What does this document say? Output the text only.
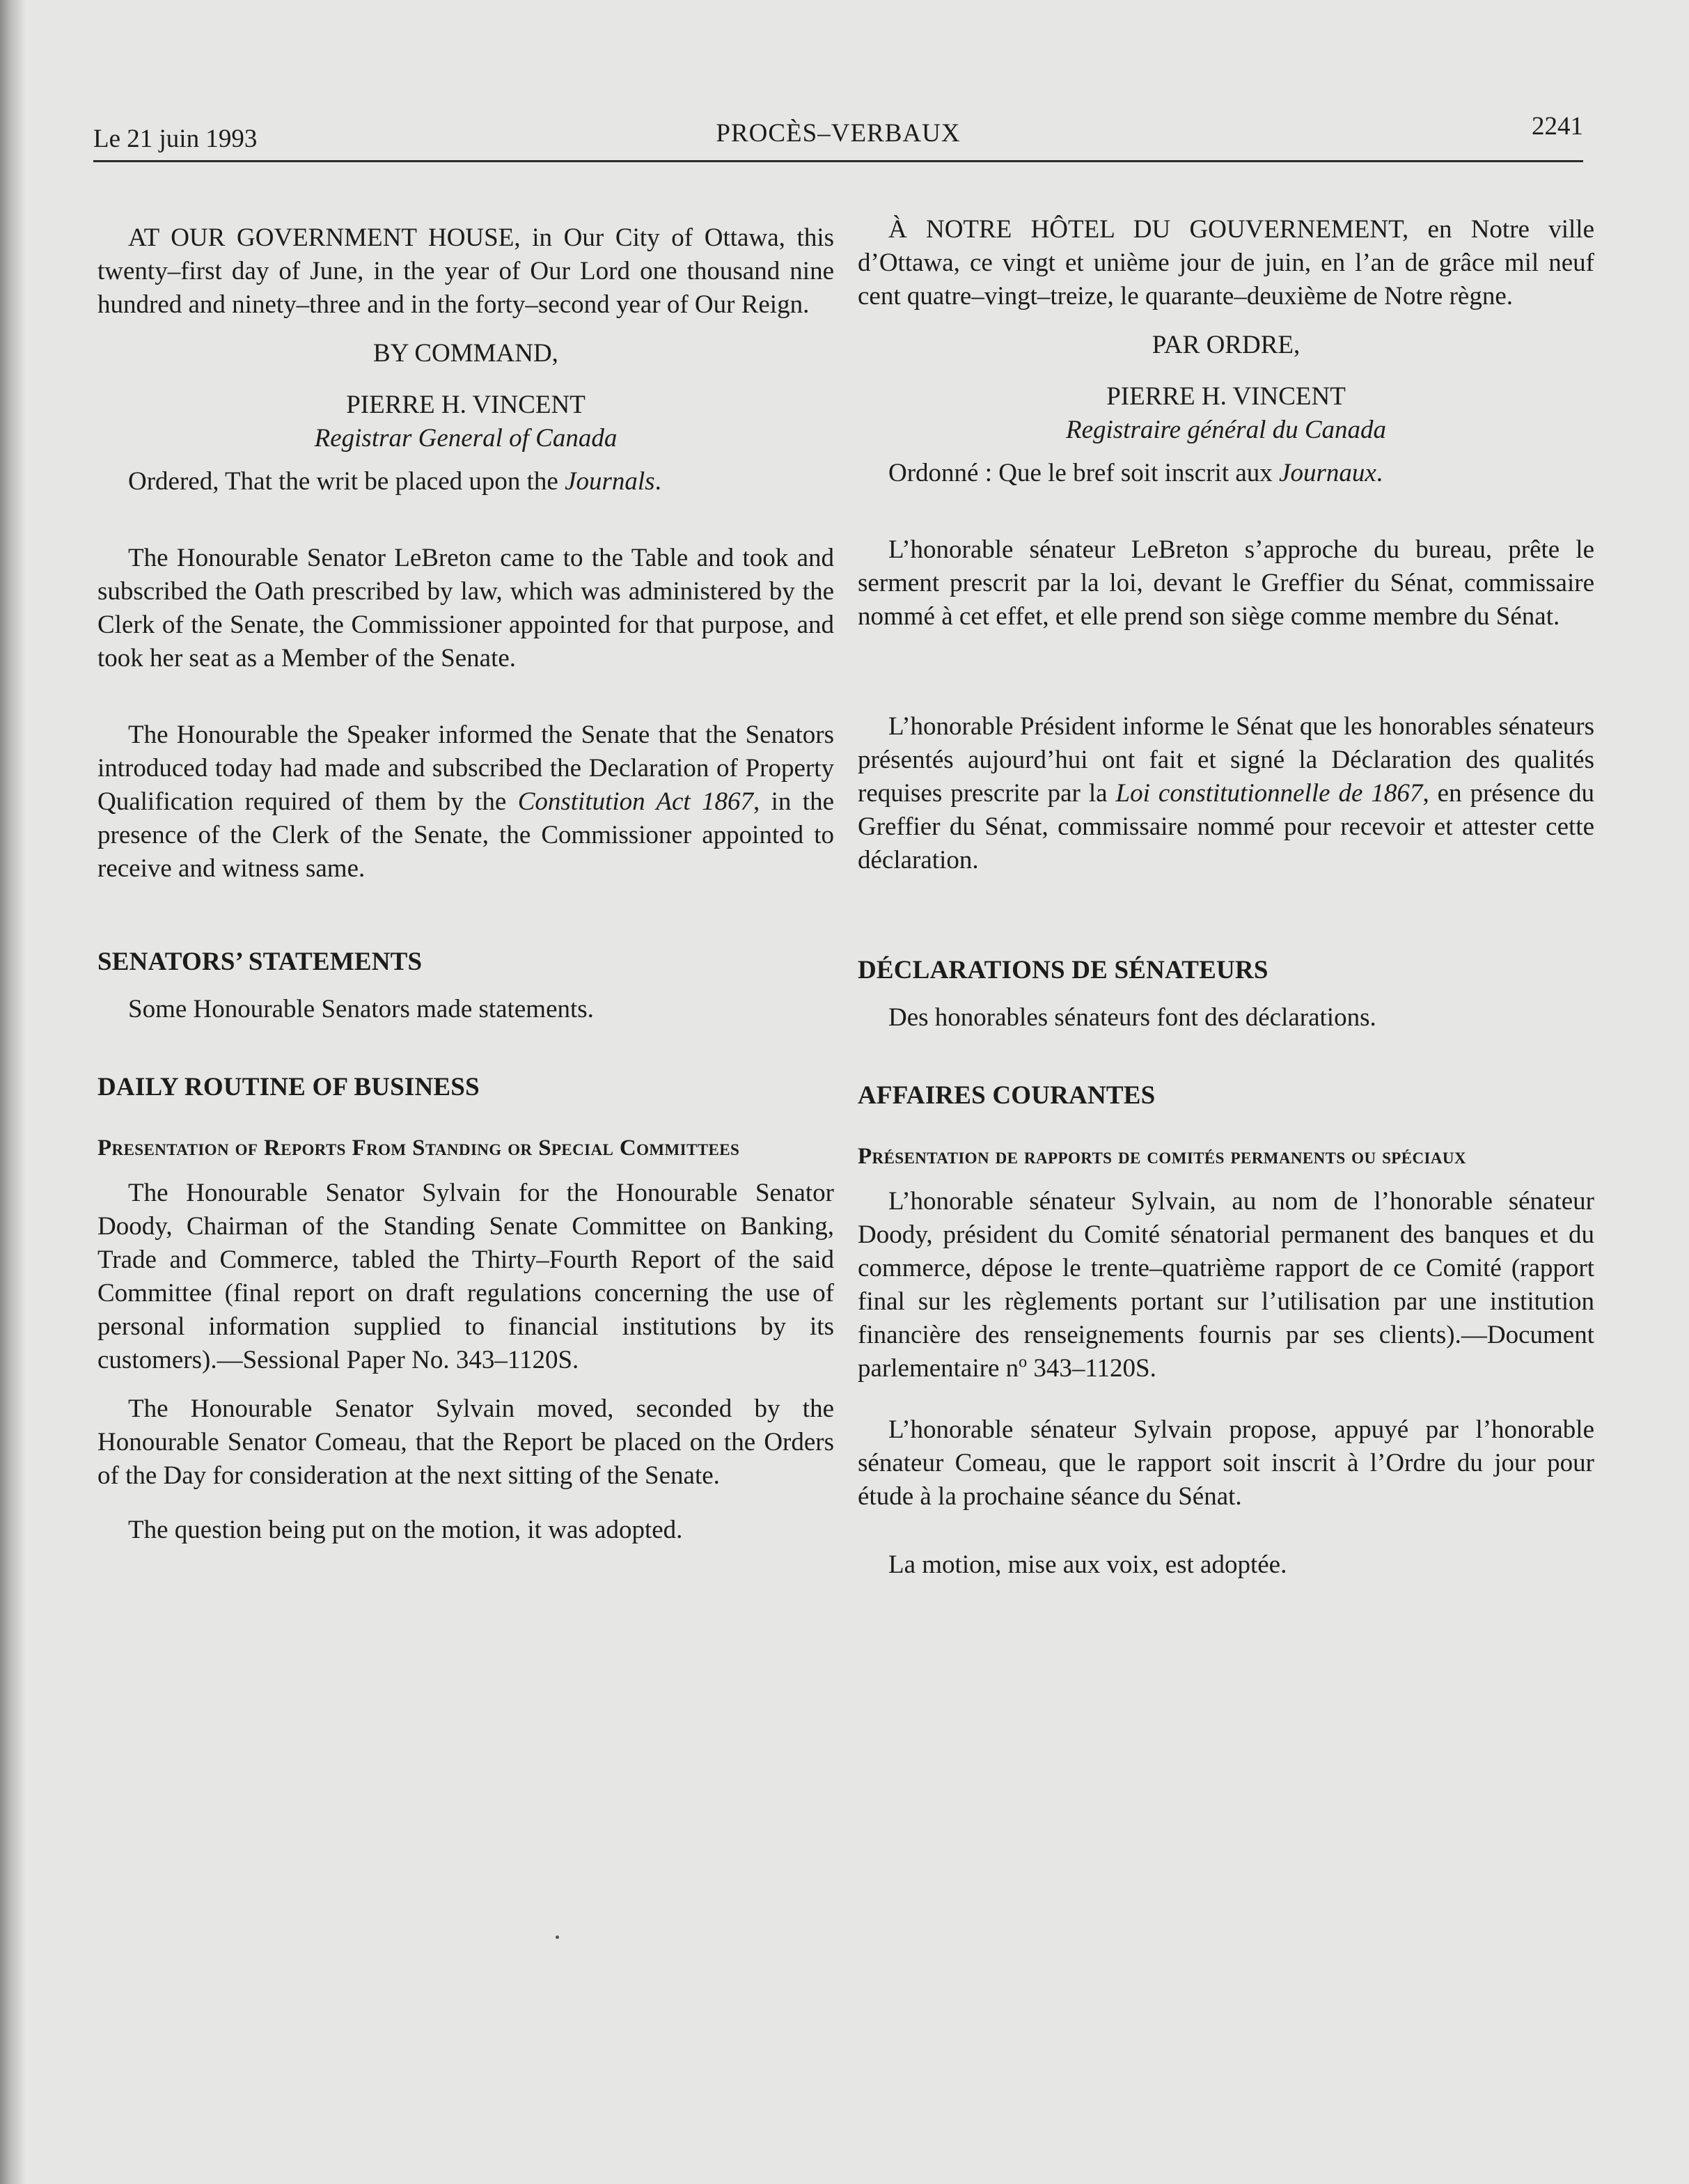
Le 21 juin 1993	PROCÈS–VERBAUX	2241

AT OUR GOVERNMENT HOUSE, in Our City of Ottawa, this twenty–first day of June, in the year of Our Lord one thousand nine hundred and ninety–three and in the forty–second year of Our Reign.

BY COMMAND,

PIERRE H. VINCENT

Registrar General of Canada

Ordered, That the writ be placed upon the Journals.

The Honourable Senator LeBreton came to the Table and took and subscribed the Oath prescribed by law, which was administered by the Clerk of the Senate, the Commissioner appointed for that purpose, and took her seat as a Member of the Senate.

The Honourable the Speaker informed the Senate that the Senators introduced today had made and subscribed the Declaration of Property Qualification required of them by the Constitution Act 1867, in the presence of the Clerk of the Senate, the Commissioner appointed to receive and witness same.

SENATORS’ STATEMENTS

Some Honourable Senators made statements.

DAILY ROUTINE OF BUSINESS

Presentation of Reports From Standing or Special Committees

The Honourable Senator Sylvain for the Honourable Senator Doody, Chairman of the Standing Senate Committee on Banking, Trade and Commerce, tabled the Thirty–Fourth Report of the said Committee (final report on draft regulations concerning the use of personal information supplied to financial institutions by its customers).—Sessional Paper No. 343–1120S.

The Honourable Senator Sylvain moved, seconded by the Honourable Senator Comeau, that the Report be placed on the Orders of the Day for consideration at the next sitting of the Senate.

The question being put on the motion, it was adopted.

À NOTRE HÔTEL DU GOUVERNEMENT, en Notre ville d’Ottawa, ce vingt et unième jour de juin, en l’an de grâce mil neuf cent quatre–vingt–treize, le quarante–deuxième de Notre règne.

PAR ORDRE,

PIERRE H. VINCENT

Registraire général du Canada

Ordonné : Que le bref soit inscrit aux Journaux.

L’honorable sénateur LeBreton s’approche du bureau, prête le serment prescrit par la loi, devant le Greffier du Sénat, commissaire nommé à cet effet, et elle prend son siège comme membre du Sénat.

L’honorable Président informe le Sénat que les honorables sénateurs présentés aujourd’hui ont fait et signé la Déclaration des qualités requises prescrite par la Loi constitutionnelle de 1867, en présence du Greffier du Sénat, commissaire nommé pour recevoir et attester cette déclaration.

DÉCLARATIONS DE SÉNATEURS

Des honorables sénateurs font des déclarations.

AFFAIRES COURANTES

Présentation de rapports de comités permanents ou spéciaux

L’honorable sénateur Sylvain, au nom de l’honorable sénateur Doody, président du Comité sénatorial permanent des banques et du commerce, dépose le trente–quatrième rapport de ce Comité (rapport final sur les règlements portant sur l’utilisation par une institution financière des renseignements fournis par ses clients).—Document parlementaire $n^o$ 343–1120S.

L’honorable sénateur Sylvain propose, appuyé par l’honorable sénateur Comeau, que le rapport soit inscrit à l’Ordre du jour pour étude à la prochaine séance du Sénat.

La motion, mise aux voix, est adoptée.
